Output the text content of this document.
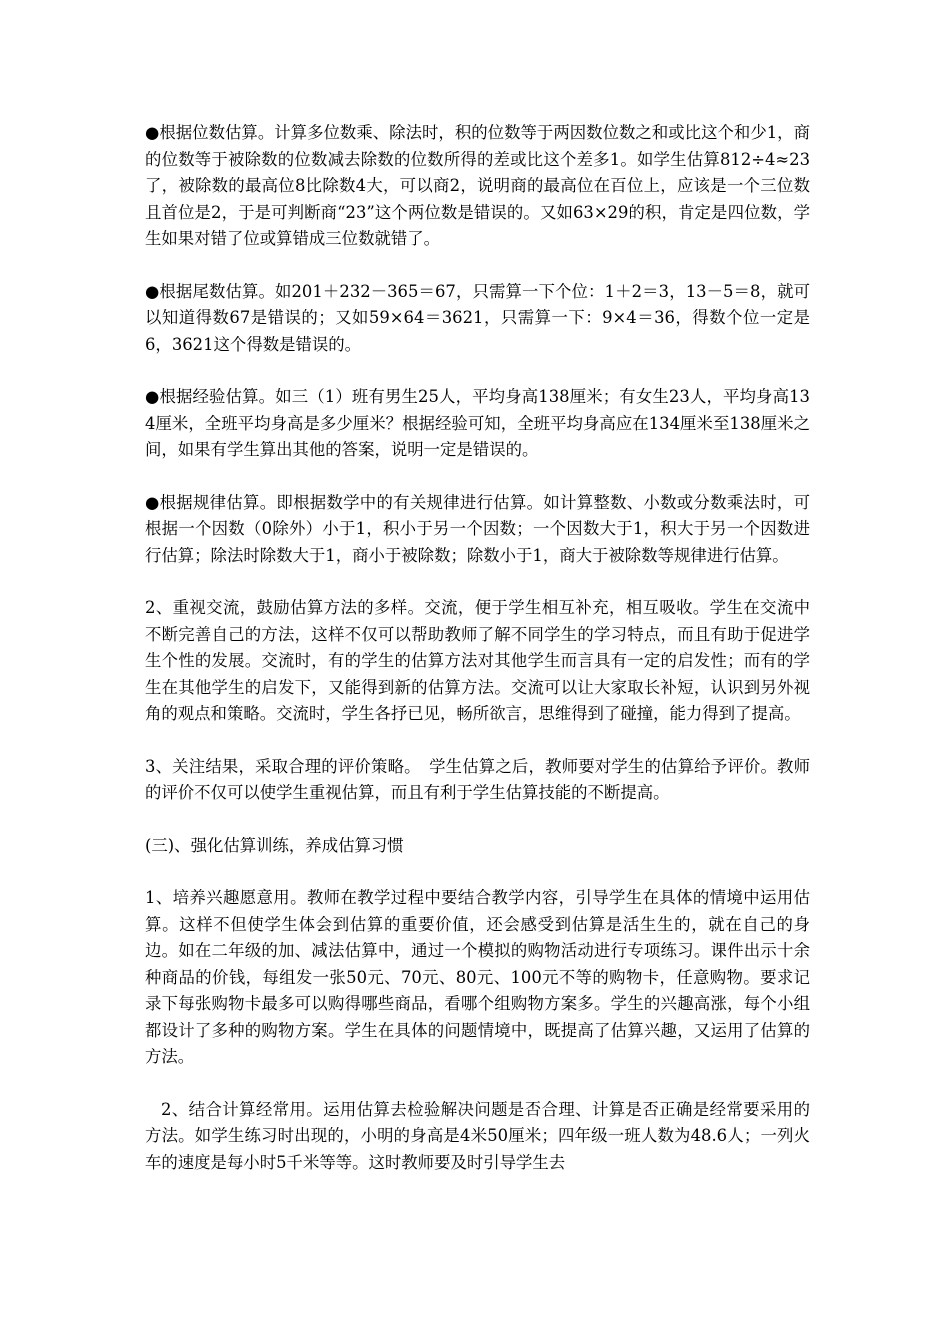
●根据位数估算。计算多位数乘、除法时，积的位数等于两因数位数之和或比这个和少1，商的位数等于被除数的位数减去除数的位数所得的差或比这个差多1。如学生估算812÷4≈23了，被除数的最高位8比除数4大，可以商2，说明商的最高位在百位上，应该是一个三位数且首位是2，于是可判断商“23”这个两位数是错误的。又如63×29的积，肯定是四位数，学生如果对错了位或算错成三位数就错了。

●根据尾数估算。如201＋232－365＝67，只需算一下个位：1＋2＝3，13－5＝8，就可以知道得数67是错误的；又如59×64＝3621，只需算一下：9×4＝36，得数个位一定是6，3621这个得数是错误的。

●根据经验估算。如三（1）班有男生25人，平均身高138厘米；有女生23人，平均身高134厘米，全班平均身高是多少厘米？根据经验可知，全班平均身高应在134厘米至138厘米之间，如果有学生算出其他的答案，说明一定是错误的。

●根据规律估算。即根据数学中的有关规律进行估算。如计算整数、小数或分数乘法时，可根据一个因数（0除外）小于1，积小于另一个因数；一个因数大于1，积大于另一个因数进行估算；除法时除数大于1，商小于被除数；除数小于1，商大于被除数等规律进行估算。

2、重视交流，鼓励估算方法的多样。交流，便于学生相互补充，相互吸收。学生在交流中不断完善自己的方法，这样不仅可以帮助教师了解不同学生的学习特点，而且有助于促进学生个性的发展。交流时，有的学生的估算方法对其他学生而言具有一定的启发性；而有的学生在其他学生的启发下，又能得到新的估算方法。交流可以让大家取长补短，认识到另外视角的观点和策略。交流时，学生各抒已见，畅所欲言，思维得到了碰撞，能力得到了提高。

3、关注结果，采取合理的评价策略。　学生估算之后，教师要对学生的估算给予评价。教师的评价不仅可以使学生重视估算，而且有利于学生估算技能的不断提高。

(三)、强化估算训练，养成估算习惯

1、培养兴趣愿意用。教师在教学过程中要结合教学内容，引导学生在具体的情境中运用估算。这样不但使学生体会到估算的重要价值，还会感受到估算是活生生的，就在自己的身边。如在二年级的加、减法估算中，通过一个模拟的购物活动进行专项练习。课件出示十余种商品的价钱，每组发一张50元、70元、80元、100元不等的购物卡，任意购物。要求记录下每张购物卡最多可以购得哪些商品，看哪个组购物方案多。学生的兴趣高涨，每个小组都设计了多种的购物方案。学生在具体的问题情境中，既提高了估算兴趣，又运用了估算的方法。

2、结合计算经常用。运用估算去检验解决问题是否合理、计算是否正确是经常要采用的方法。如学生练习时出现的，小明的身高是4米50厘米；四年级一班人数为48.6人；一列火车的速度是每小时5千米等等。这时教师要及时引导学生去
